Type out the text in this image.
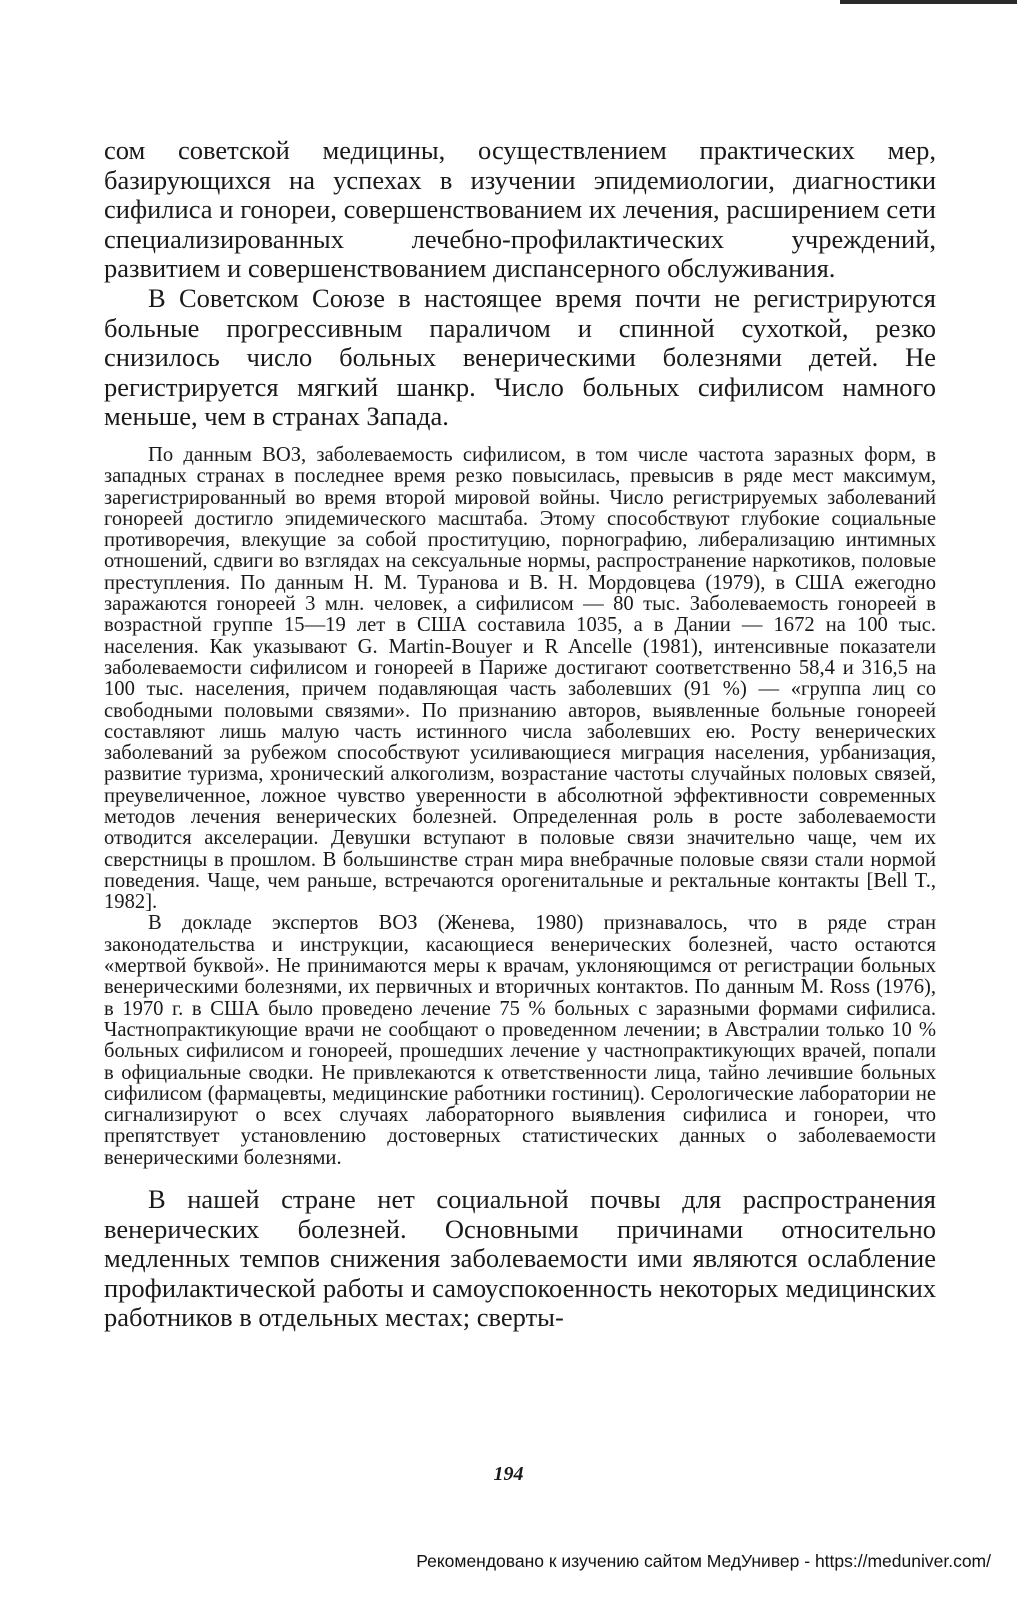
сом советской медицины, осуществлением практических мер, базирующихся на успехах в изучении эпидемиологии, диагностики сифилиса и гонореи, совершенствованием их лечения, расширением сети специализированных лечебно-профилактических учреждений, развитием и совершенствованием диспансерного обслуживания.

В Советском Союзе в настоящее время почти не регистрируются больные прогрессивным параличом и спинной сухоткой, резко снизилось число больных венерическими болезнями детей. Не регистрируется мягкий шанкр. Число больных сифилисом намного меньше, чем в странах Запада.

По данным ВОЗ, заболеваемость сифилисом, в том числе частота заразных форм, в западных странах в последнее время резко повысилась, превысив в ряде мест максимум, зарегистрированный во время второй мировой войны. Число регистрируемых заболеваний гонореей достигло эпидемического масштаба. Этому способствуют глубокие социальные противоречия, влекущие за собой проституцию, порнографию, либерализацию интимных отношений, сдвиги во взглядах на сексуальные нормы, распространение наркотиков, половые преступления. По данным Н. М. Туранова и В. Н. Мордовцева (1979), в США ежегодно заражаются гонореей 3 млн. человек, а сифилисом — 80 тыс. Заболеваемость гонореей в возрастной группе 15—19 лет в США составила 1035, а в Дании — 1672 на 100 тыс. населения. Как указывают G. Martin-Bouyer и R Ancelle (1981), интенсивные показатели заболеваемости сифилисом и гонореей в Париже достигают соответственно 58,4 и 316,5 на 100 тыс. населения, причем подавляющая часть заболевших (91 %) — «группа лиц со свободными половыми связями». По признанию авторов, выявленные больные гонореей составляют лишь малую часть истинного числа заболевших ею. Росту венерических заболеваний за рубежом способствуют усиливающиеся миграция населения, урбанизация, развитие туризма, хронический алкоголизм, возрастание частоты случайных половых связей, преувеличенное, ложное чувство уверенности в абсолютной эффективности современных методов лечения венерических болезней. Определенная роль в росте заболеваемости отводится акселерации. Девушки вступают в половые связи значительно чаще, чем их сверстницы в прошлом. В большинстве стран мира внебрачные половые связи стали нормой поведения. Чаще, чем раньше, встречаются орогенитальные и ректальные контакты [Bell T., 1982].

В докладе экспертов ВОЗ (Женева, 1980) признавалось, что в ряде стран законодательства и инструкции, касающиеся венерических болезней, часто остаются «мертвой буквой». Не принимаются меры к врачам, уклоняющимся от регистрации больных венерическими болезнями, их первичных и вторичных контактов. По данным М. Ross (1976), в 1970 г. в США было проведено лечение 75 % больных с заразными формами сифилиса. Частнопрактикующие врачи не сообщают о проведенном лечении; в Австралии только 10 % больных сифилисом и гонореей, прошедших лечение у частнопрактикующих врачей, попали в официальные сводки. Не привлекаются к ответственности лица, тайно лечившие больных сифилисом (фармацевты, медицинские работники гостиниц). Серологические лаборатории не сигнализируют о всех случаях лабораторного выявления сифилиса и гонореи, что препятствует установлению достоверных статистических данных о заболеваемости венерическими болезнями.

В нашей стране нет социальной почвы для распространения венерических болезней. Основными причинами относительно медленных темпов снижения заболеваемости ими являются ослабление профилактической работы и самоуспокоенность некоторых медицинских работников в отдельных местах; сверты-

194
Рекомендовано к изучению сайтом МедУнивер - https://meduniver.com/
